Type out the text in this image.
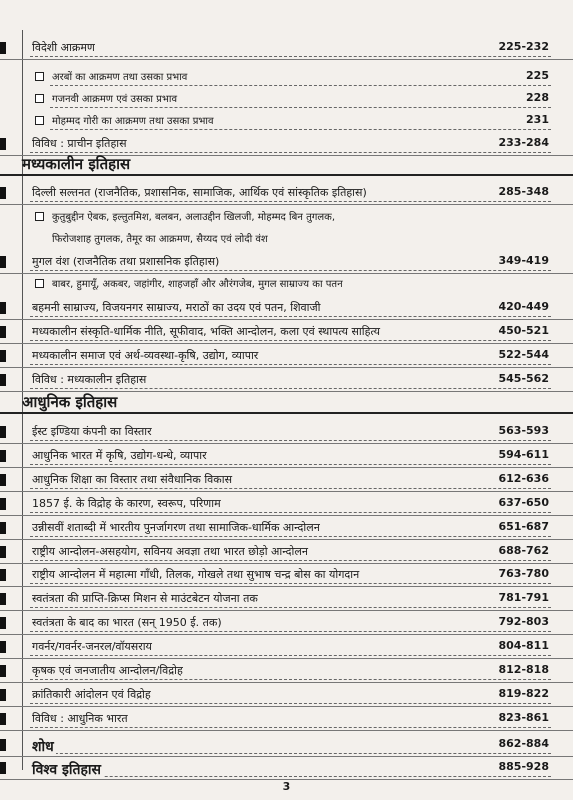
विदेशी आक्रमण	225-232
अरबों का आक्रमण तथा उसका प्रभाव	225
गजनवी आक्रमण एवं उसका प्रभाव	228
मोहम्मद गोरी का आक्रमण तथा उसका प्रभाव	231
विविध : प्राचीन इतिहास	233-284
मध्यकालीन इतिहास
दिल्ली सल्तनत (राजनैतिक, प्रशासनिक, सामाजिक, आर्थिक एवं सांस्कृतिक इतिहास)	285-348
कुतुबुद्दीन ऐबक, इल्तुतमिश, बलबन, अलाउद्दीन खिलजी, मोहम्मद बिन तुगलक,
फिरोजशाह तुगलक, तैमूर का आक्रमण, सैय्यद एवं लोदी वंश
मुगल वंश (राजनैतिक तथा प्रशासनिक इतिहास)	349-419
बाबर, हुमायूँ, अकबर, जहांगीर, शाहजहाँ और औरंगजेब, मुगल साम्राज्य का पतन
बहमनी साम्राज्य, विजयनगर साम्राज्य, मराठों का उदय एवं पतन, शिवाजी	420-449
मध्यकालीन संस्कृति-धार्मिक नीति, सूफीवाद, भक्ति आन्दोलन, कला एवं स्थापत्य साहित्य	450-521
मध्यकालीन समाज एवं अर्थ-व्यवस्था-कृषि, उद्योग, व्यापार	522-544
विविध : मध्यकालीन इतिहास	545-562
आधुनिक इतिहास
ईस्ट इण्डिया कंपनी का विस्तार	563-593
आधुनिक भारत में कृषि, उद्योग-धन्धे, व्यापार	594-611
आधुनिक शिक्षा का विस्तार तथा संवैधानिक विकास	612-636
1857 ई. के विद्रोह के कारण, स्वरूप, परिणाम	637-650
उन्नीसवीं शताब्दी में भारतीय पुनर्जागरण तथा सामाजिक-धार्मिक आन्दोलन	651-687
राष्ट्रीय आन्दोलन-असहयोग, सविनय अवज्ञा तथा भारत छोड़ो आन्दोलन	688-762
राष्ट्रीय आन्दोलन में महात्मा गाँधी, तिलक, गोखले तथा सुभाष चन्द्र बोस का योगदान	763-780
स्वतंत्रता की प्राप्ति-क्रिप्स मिशन से माउंटबेटन योजना तक	781-791
स्वतंत्रता के बाद का भारत (सन् 1950 ई. तक)	792-803
गवर्नर/गवर्नर-जनरल/वॉयसराय	804-811
कृषक एवं जनजातीय आन्दोलन/विद्रोह	812-818
क्रांतिकारी आंदोलन एवं विद्रोह	819-822
विविध : आधुनिक भारत	823-861
शोध	862-884
विश्व इतिहास	885-928
3
